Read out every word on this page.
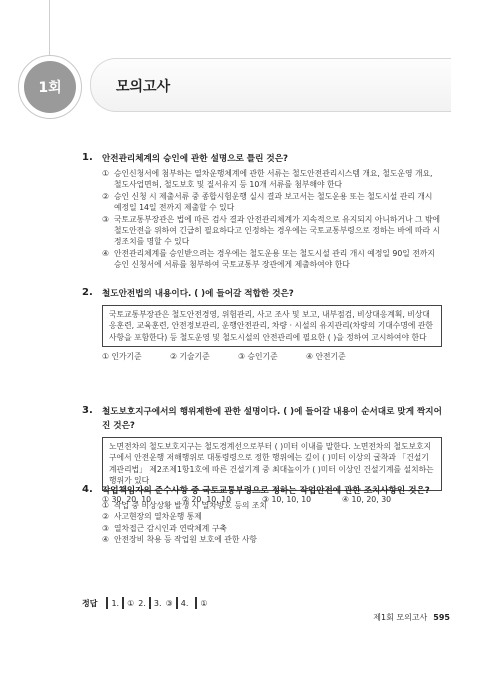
1회	모의고사
1. 안전관리체계의 승인에 관한 설명으로 틀린 것은?
① 승인신청서에 첨부하는 열차운행체계에 관한 서류는 철도안전관리시스템 개요, 철도운영 개요, 철도사업면허, 철도보호 및 질서유지 등 10개 서류를 첨부해야 한다
② 승인 신청 시 제출서류 중 종합시험운행 실시 결과 보고서는 철도운용 또는 철도시설 관리 개시 예정일 14일 전까지 제출할 수 있다
③ 국토교통부장관은 법에 따른 검사 결과 안전관리체계가 지속적으로 유지되지 아니하거나 그 밖에 철도안전을 위하여 긴급히 필요하다고 인정하는 경우에는 국토교통부령으로 정하는 바에 따라 시정조치를 명할 수 있다
④ 안전관리체계를 승인받으려는 경우에는 철도운용 또는 철도시설 관리 개시 예정일 90일 전까지 승인 신청서에 서류를 첨부하여 국토교통부 장관에게 제출하여야 한다
2. 철도안전법의 내용이다. ( )에 들어갈 적합한 것은?
국토교통부장관은 철도안전경영, 위험관리, 사고 조사 및 보고, 내부점검, 비상대응계획, 비상대응훈련, 교육훈련, 안전정보관리, 운행안전관리, 차량 · 시설의 유지관리(차량의 기대수명에 관한 사항을 포함한다) 등 철도운영 및 철도시설의 안전관리에 필요한 ( )을 정하여 고시하여야 한다
① 인가기준	② 기술기준	③ 승인기준	④ 안전기준
3. 철도보호지구에서의 행위제한에 관한 설명이다. ( )에 들어갈 내용이 순서대로 맞게 짝지어진 것은?
노면전차의 철도보호지구는 철도경계선으로부터 ( )미터 이내를 말한다. 노면전차의 철도보호지구에서 안전운행 저해행위로 대통령령으로 정한 행위에는 깊이 ( )미터 이상의 굴착과 「건설기계관리법」 제2조제1항1호에 따른 건설기계 중 최대높이가 ( )미터 이상인 건설기계를 설치하는 행위가 있다
① 30, 20, 10	② 20, 10, 10	③ 10, 10, 10	④ 10, 20, 30
4. 작업책임자의 준수사항 중 국토교통부령으로 정하는 작업안전에 관한 조치사항인 것은?
① 작업 중 비상상황 발생 시 열차방호 등의 조치
② 사고현장의 열차운행 통제
③ 열차접근 감시인과 연락체계 구축
④ 안전장비 착용 등 작업원 보호에 관한 사항
정답 1. ① 2. 3. ③ 4. ①
제1회 모의고사 595
